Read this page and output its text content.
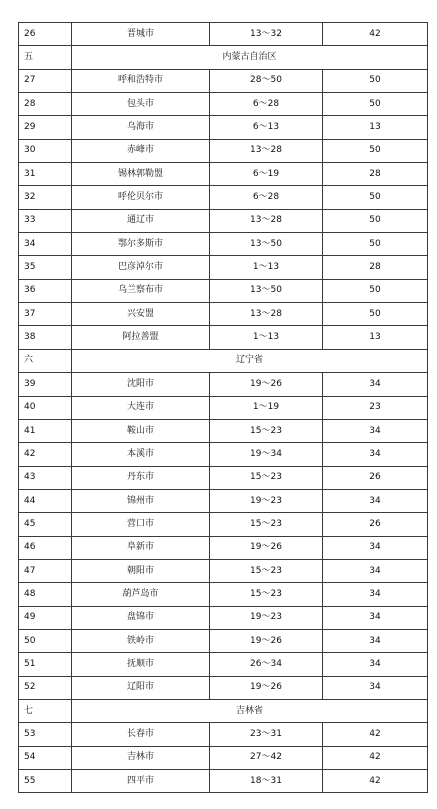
26	晋城市	13～32	42
五	内蒙古自治区		
27	呼和浩特市	28～50	50
28	包头市	6～28	50
29	乌海市	6～13	13
30	赤峰市	13～28	50
31	锡林郭勒盟	6～19	28
32	呼伦贝尔市	6～28	50
33	通辽市	13～28	50
34	鄂尔多斯市	13～50	50
35	巴彦淖尔市	1～13	28
36	乌兰察布市	13～50	50
37	兴安盟	13～28	50
38	阿拉善盟	1～13	13
六	辽宁省		
39	沈阳市	19～26	34
40	大连市	1～19	23
41	鞍山市	15～23	34
42	本溪市	19～34	34
43	丹东市	15～23	26
44	锦州市	19～23	34
45	营口市	15～23	26
46	阜新市	19～26	34
47	朝阳市	15～23	34
48	葫芦岛市	15～23	34
49	盘锦市	19～23	34
50	铁岭市	19～26	34
51	抚顺市	26～34	34
52	辽阳市	19～26	34
七	吉林省		
53	长春市	23～31	42
54	吉林市	27～42	42
55	四平市	18～31	42
